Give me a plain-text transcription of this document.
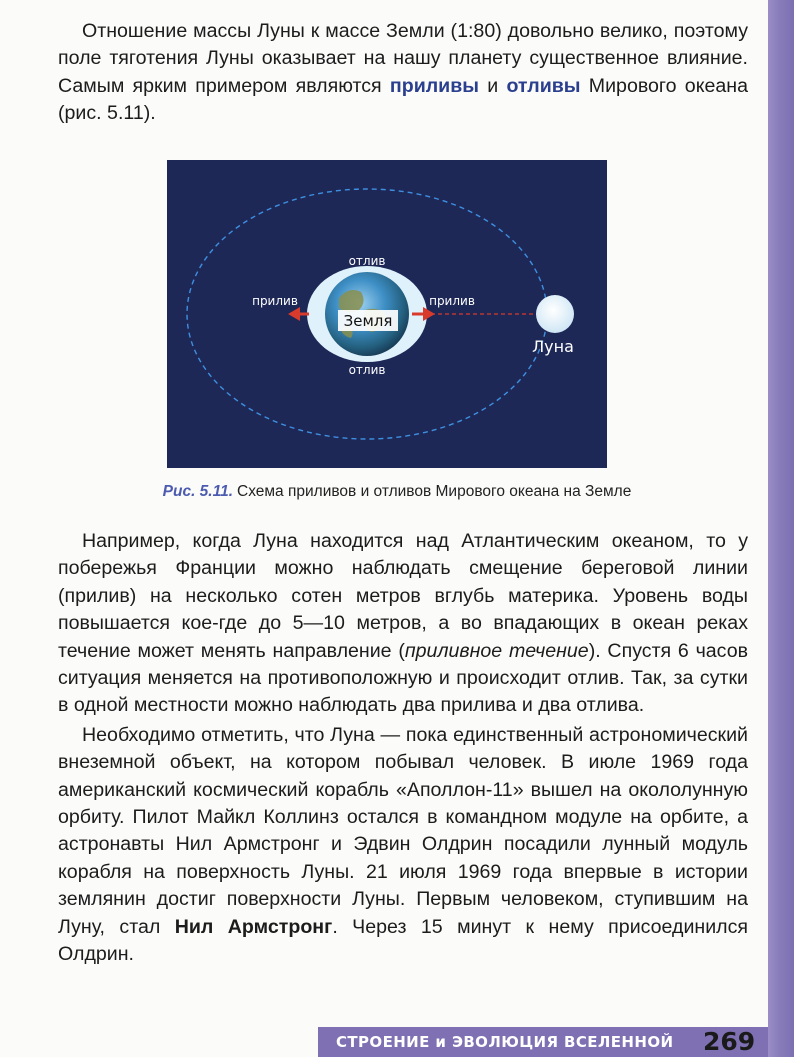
Отношение массы Луны к массе Земли (1:80) довольно велико, поэтому поле тяготения Луны оказывает на нашу планету существенное влияние. Самым ярким примером являются приливы и отливы Мирового океана (рис. 5.11).

отлив
отлив
прилив	прилив
Земля
Луна
Рис. 5.11. Схема приливов и отливов Мирового океана на Земле

Например, когда Луна находится над Атлантическим океаном, то у побережья Франции можно наблюдать смещение береговой линии (прилив) на несколько сотен метров вглубь материка. Уровень воды повышается кое-где до 5—10 метров, а во впадающих в океан реках течение может менять направление (приливное течение). Спустя 6 часов ситуация меняется на противоположную и происходит отлив. Так, за сутки в одной местности можно наблюдать два прилива и два отлива.

Необходимо отметить, что Луна — пока единственный астрономический внеземной объект, на котором побывал человек. В июле 1969 года американский космический корабль «Аполлон-11» вышел на окололунную орбиту. Пилот Майкл Коллинз остался в командном модуле на орбите, а астронавты Нил Армстронг и Эдвин Олдрин посадили лунный модуль корабля на поверхность Луны. 21 июля 1969 года впервые в истории землянин достиг поверхности Луны. Первым человеком, ступившим на Луну, стал Нил Армстронг. Через 15 минут к нему присоединился Олдрин.

СТРОЕНИЕ и ЭВОЛЮЦИЯ ВСЕЛЕННОЙ 269
